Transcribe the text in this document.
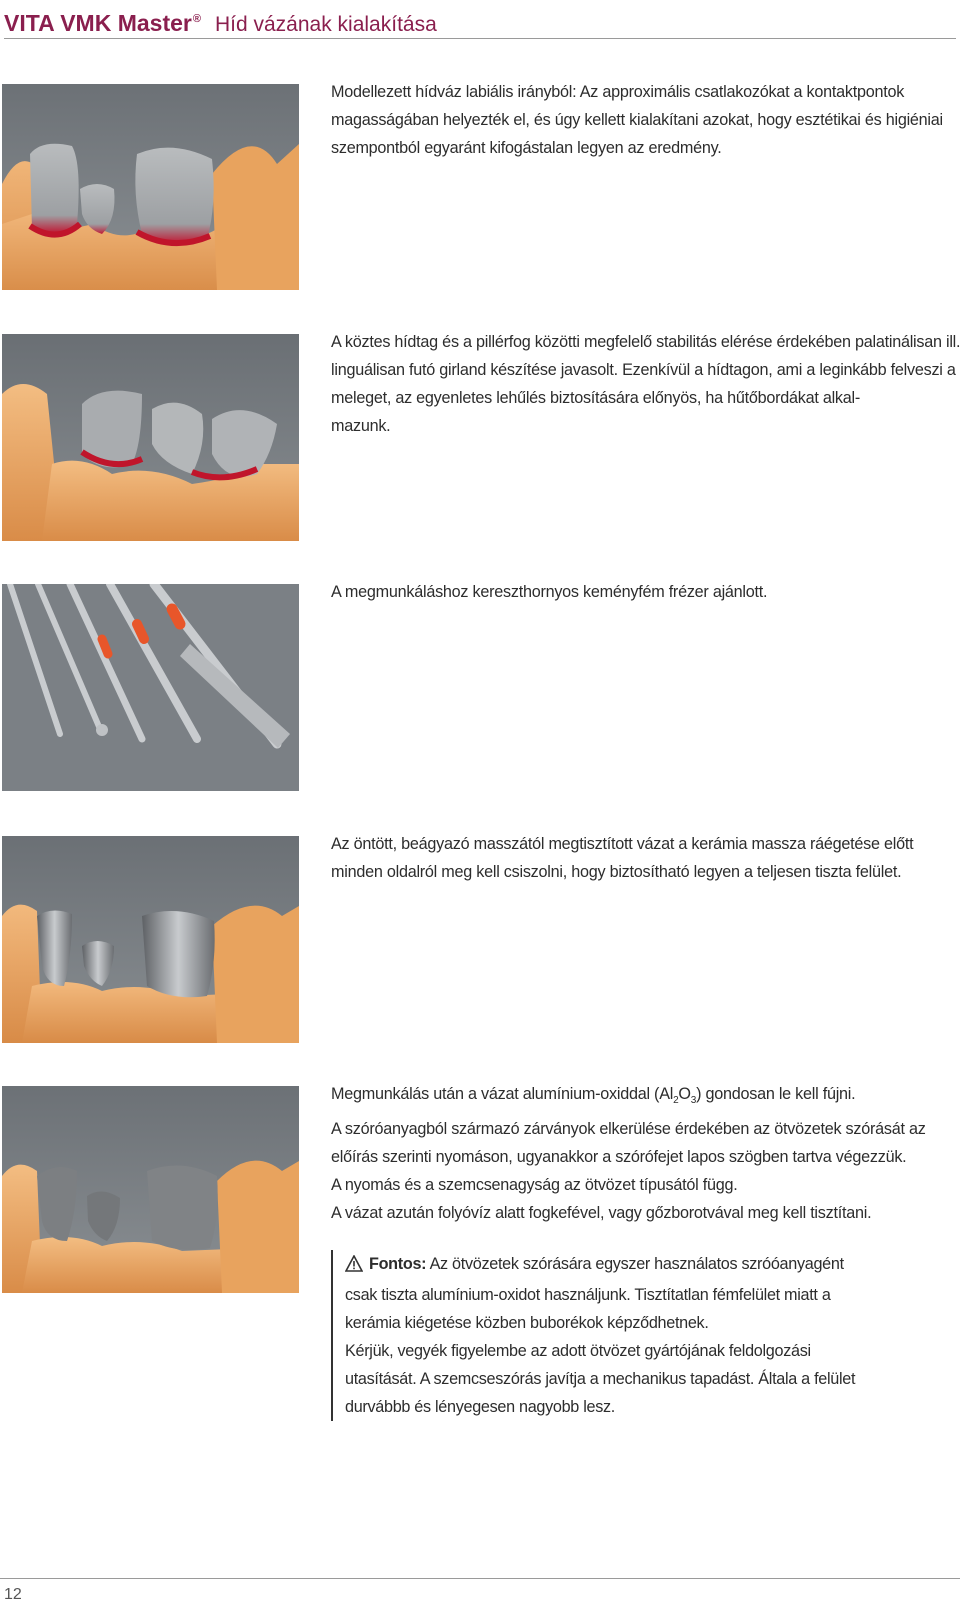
VITA VMK Master® Híd vázának kialakítása
Modellezett hídváz labiális irányból: Az approximális csatlakozókat a kontaktpontok magasságában helyezték el, és úgy kellett kialakítani azokat, hogy esztétikai és higiéniai szempontból egyaránt kifogástalan legyen az eredmény.
A köztes hídtag és a pillérfog közötti megfelelő stabilitás elérése érdekében palatinálisan ill. linguálisan futó girland készítése javasolt. Ezenkívül a hídtagon, ami a leginkább felveszi a meleget, az egyenletes lehűlés biztosítására előnyös, ha hűtőbordákat alkal-
mazunk.
A megmunkáláshoz kereszthornyos keményfém frézer ajánlott.
Az öntött, beágyazó masszától megtisztított vázat a kerámia massza ráégetése előtt minden oldalról meg kell csiszolni, hogy biztosítható legyen a teljesen tiszta felület.
Megmunkálás után a vázat alumínium-oxiddal $(Al_2O_3)$ gondosan le kell fújni.
A szóróanyagból származó zárványok elkerülése érdekében az ötvözetek szórását az előírás szerinti nyomáson, ugyanakkor a szórófejet lapos szögben tartva végezzük.
A nyomás és a szemcsenagyság az ötvözet típusától függ.
A vázat azután folyóvíz alatt fogkefével, vagy gőzborotvával meg kell tisztítani.
Fontos: Az ötvözetek szórására egyszer használatos szróóanyagént csak tiszta alumínium-oxidot használjunk. Tisztítatlan fémfelület miatt a kerámia kiégetése közben buborékok képződhetnek.
Kérjük, vegyék figyelembe az adott ötvözet gyártójának feldolgozási utasítását. A szemcseszórás javítja a mechanikus tapadást. Általa a felület durvábbb és lényegesen nagyobb lesz.
12
